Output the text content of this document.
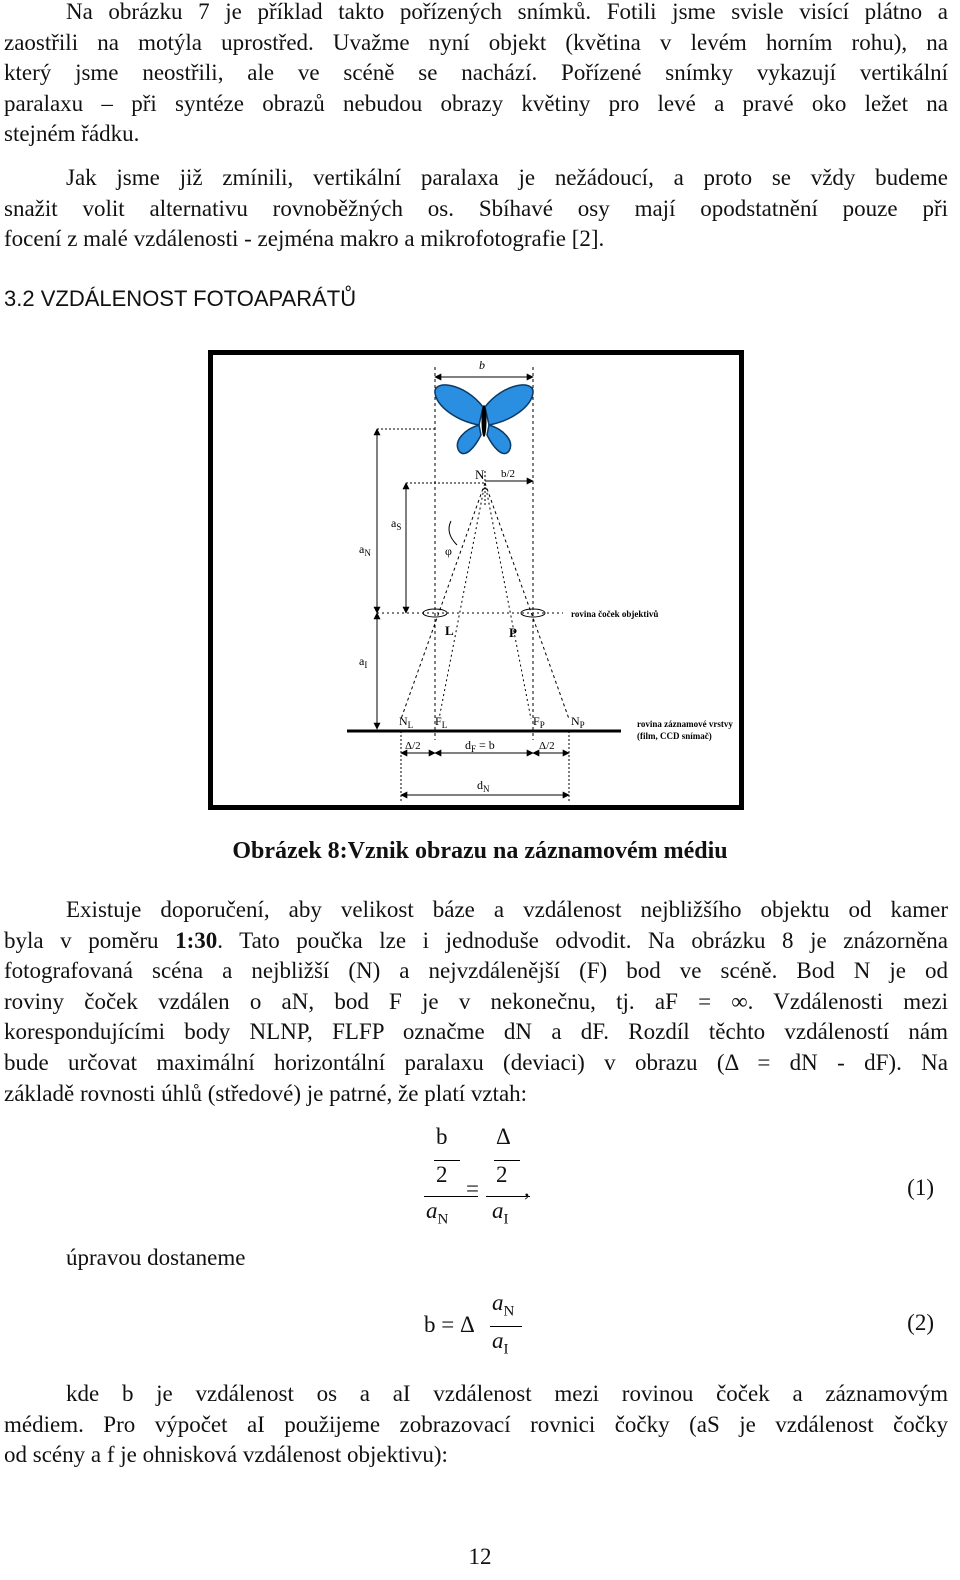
Na obrázku 7 je příklad takto pořízených snímků. Fotili jsme svisle visící plátno a
zaostřili na motýla uprostřed. Uvažme nyní objekt (květina v levém horním rohu), na
který jsme neostřili, ale ve scéně se nachází. Pořízené snímky vykazují vertikální
paralaxu – při syntéze obrazů nebudou obrazy květiny pro levé a pravé oko ležet na
stejném řádku.
Jak jsme již zmínili, vertikální paralaxa je nežádoucí, a proto se vždy budeme
snažit volit alternativu rovnoběžných os. Sbíhavé osy mají opodstatnění pouze při
focení z malé vzdálenosti - zejména makro a mikrofotografie [2].
3.2 VZDÁLENOST FOTOAPARÁTŮ
b
N b/2
φ
$a_S$
$a_N$
L	P
rovina čoček objektivů
$a_I$
$N_L$ $F_L$	$F_P$ $N_P$	rovina záznamové vrstvy
(film, CCD snímač)
Δ/2	$d_F = b$	Δ/2
$d_N$
Obrázek 8:Vznik obrazu na záznamovém médiu
Existuje doporučení, aby velikost báze a vzdálenost nejbližšího objektu od kamer
byla v poměru 1:30. Tato poučka lze i jednoduše odvodit. Na obrázku 8 je znázorněna
fotografovaná scéna a nejbližší (N) a nejvzdálenější (F) bod ve scéně. Bod N je od
roviny čoček vzdálen o aN, bod F je v nekonečnu, tj. aF = ∞. Vzdálenosti mezi
korespondujícími body NLNP, FLFP označme dN a dF. Rozdíl těchto vzdáleností nám
bude určovat maximální horizontální paralaxu (deviaci) v obrazu (Δ = dN - dF). Na
základě rovnosti úhlů (středové) je patrné, že platí vztah:
b
2
$a_N$
=
Δ
2
$a_I$
,	(1)
úpravou dostaneme
b = Δ
$a_N$
$a_I$
(2)
kde b je vzdálenost os a aI vzdálenost mezi rovinou čoček a záznamovým
médiem. Pro výpočet aI použijeme zobrazovací rovnici čočky (aS je vzdálenost čočky
od scény a f je ohnisková vzdálenost objektivu):
12
